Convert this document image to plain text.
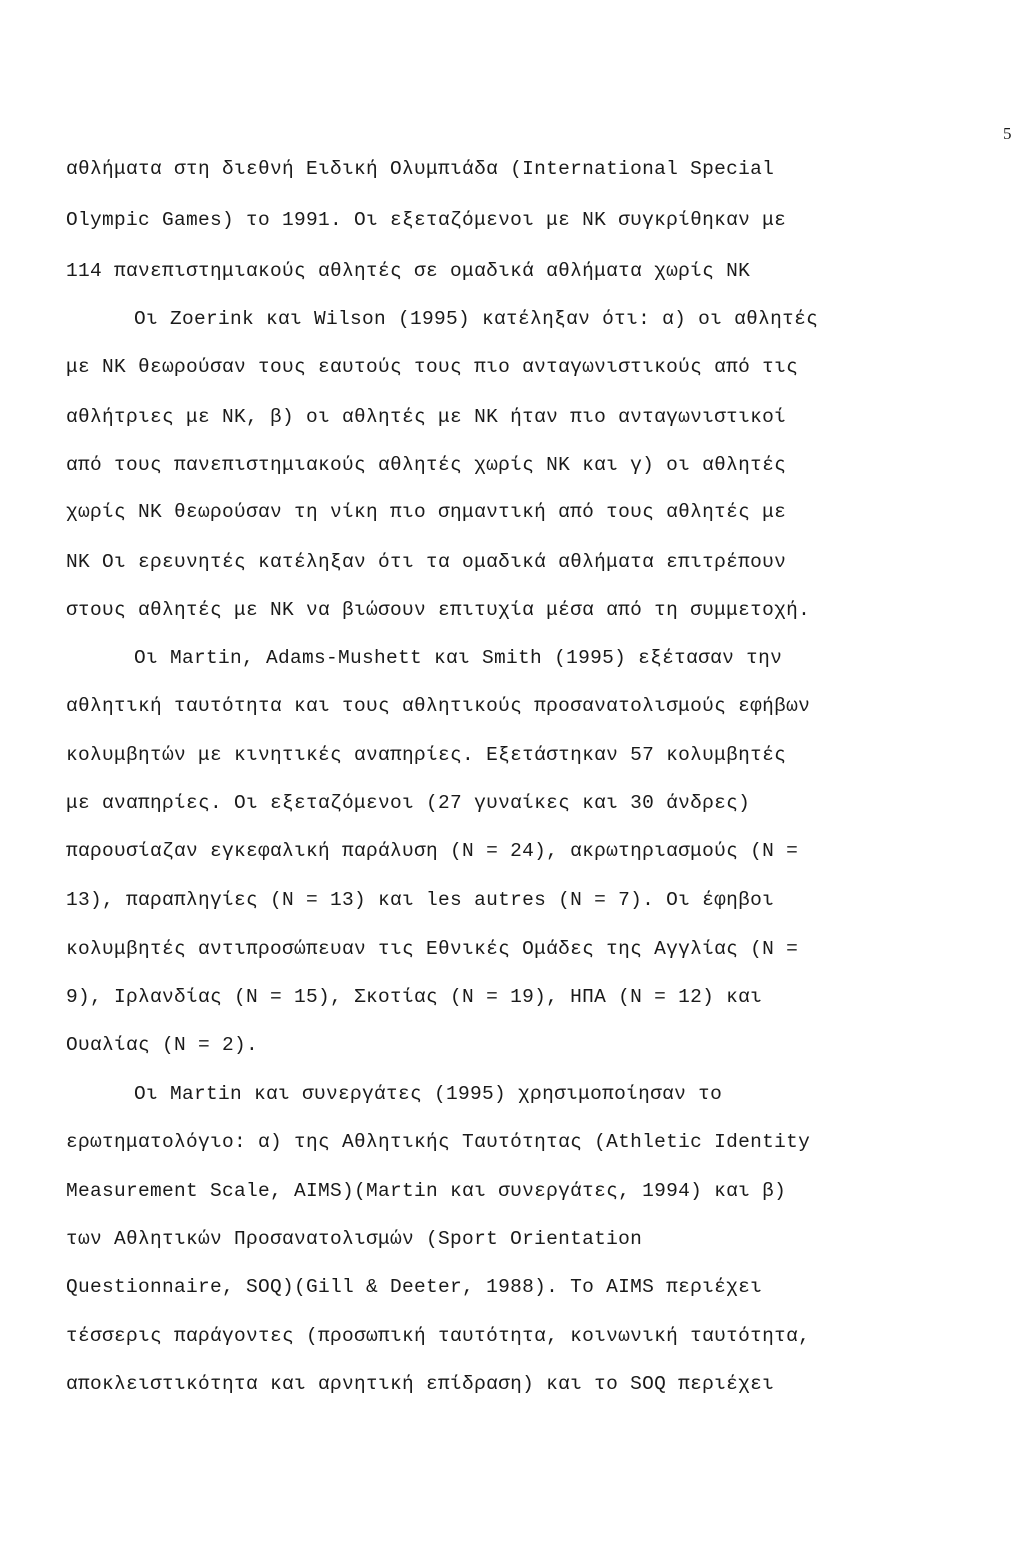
5
αθλήματα στη διεθνή Ειδική Ολυμπιάδα (International Special
Olympic Games) το 1991. Οι εξεταζόμενοι με ΝΚ συγκρίθηκαν με
114 πανεπιστημιακούς αθλητές σε ομαδικά αθλήματα χωρίς ΝΚ
Οι Zoerink και Wilson (1995) κατέληξαν ότι: α) οι αθλητές
με ΝΚ θεωρούσαν τους εαυτούς τους πιο ανταγωνιστικούς από τις
αθλήτριες με ΝΚ, β) οι αθλητές με ΝΚ ήταν πιο ανταγωνιστικοί
από τους πανεπιστημιακούς αθλητές χωρίς ΝΚ και γ) οι αθλητές
χωρίς ΝΚ θεωρούσαν τη νίκη πιο σημαντική από τους αθλητές με
ΝΚ Οι ερευνητές κατέληξαν ότι τα ομαδικά αθλήματα επιτρέπουν
στους αθλητές με ΝΚ να βιώσουν επιτυχία μέσα από τη συμμετοχή.
Οι Martin, Adams-Mushett και Smith (1995) εξέτασαν την
αθλητική ταυτότητα και τους αθλητικούς προσανατολισμούς εφήβων
κολυμβητών με κινητικές αναπηρίες. Εξετάστηκαν 57 κολυμβητές
με αναπηρίες. Οι εξεταζόμενοι (27 γυναίκες και 30 άνδρες)
παρουσίαζαν εγκεφαλική παράλυση (Ν = 24), ακρωτηριασμούς (Ν =
13), παραπληγίες (Ν = 13) και les autres (Ν = 7). Οι έφηβοι
κολυμβητές αντιπροσώπευαν τις Εθνικές Ομάδες της Αγγλίας (Ν =
9), Ιρλανδίας (Ν = 15), Σκοτίας (Ν = 19), ΗΠΑ (Ν = 12) και
Ουαλίας (Ν = 2).
Οι Martin και συνεργάτες (1995) χρησιμοποίησαν το
ερωτηματολόγιο: α) της Αθλητικής Ταυτότητας (Athletic Identity
Measurement Scale, AIMS)(Martin και συνεργάτες, 1994) και β)
των Αθλητικών Προσανατολισμών (Sport Orientation
Questionnaire, SOQ)(Gill & Deeter, 1988). Το AIMS περιέχει
τέσσερις παράγοντες (προσωπική ταυτότητα, κοινωνική ταυτότητα,
αποκλειστικότητα και αρνητική επίδραση) και το SOQ περιέχει
